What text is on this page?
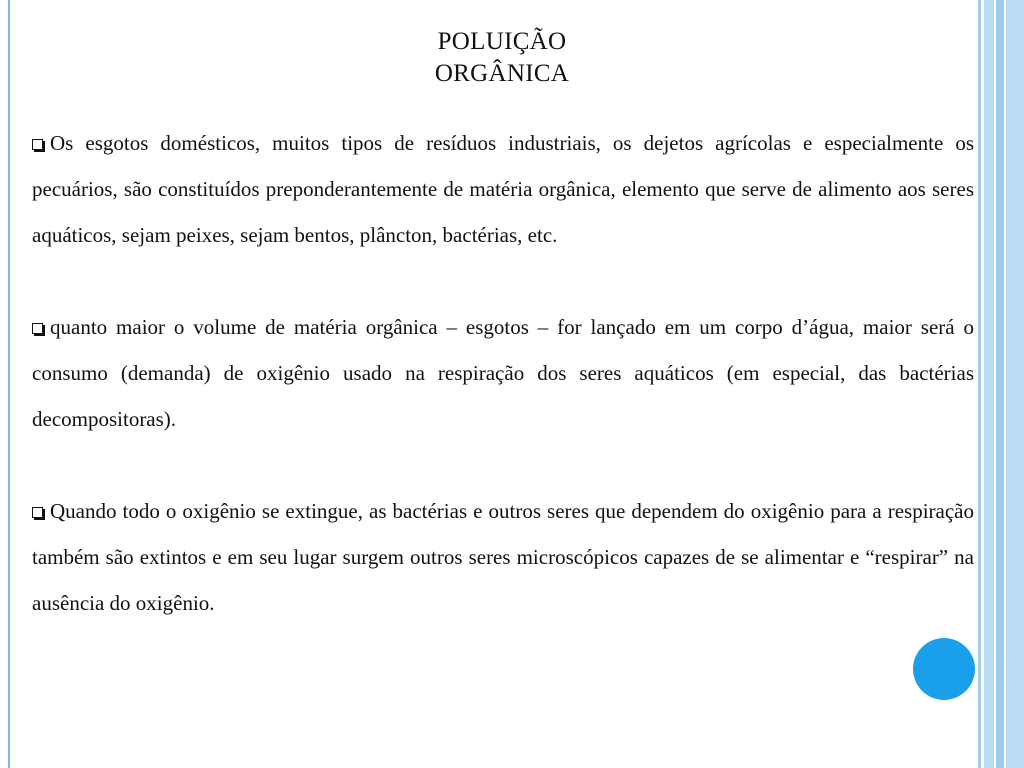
POLUIÇÃO
ORGÂNICA

Os esgotos domésticos, muitos tipos de resíduos industriais, os dejetos agrícolas e especialmente os pecuários, são constituídos preponderantemente de matéria orgânica, elemento que serve de alimento aos seres aquáticos, sejam peixes, sejam bentos, plâncton, bactérias, etc.

quanto maior o volume de matéria orgânica – esgotos – for lançado em um corpo d’água, maior será o consumo (demanda) de oxigênio usado na respiração dos seres aquáticos (em especial, das bactérias decompositoras).

Quando todo o oxigênio se extingue, as bactérias e outros seres que dependem do oxigênio para a respiração também são extintos e em seu lugar surgem outros seres microscópicos capazes de se alimentar e “respirar” na ausência do oxigênio.
